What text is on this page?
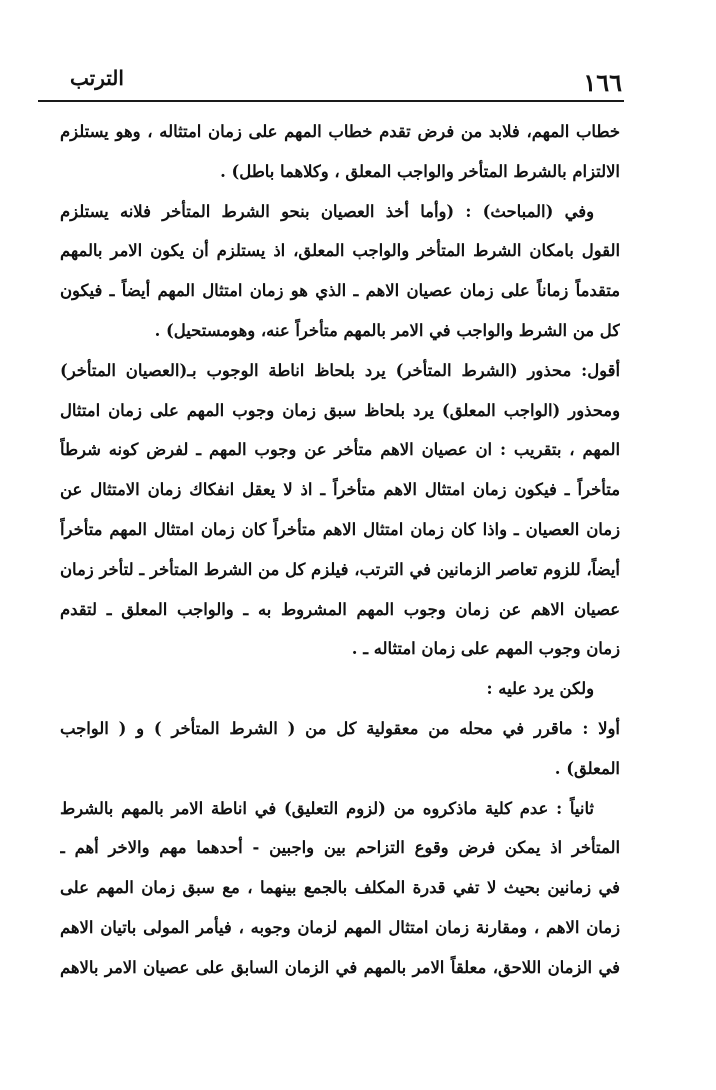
١٦٦
الترتب
خطاب المهم، فلابد من فرض تقدم خطاب المهم على زمان امتثاله ، وهو يستلزم
الالتزام بالشرط المتأخر والواجب المعلق ، وكلاهما باطل) .
وفي (المباحث) : (وأما أخذ العصيان بنحو الشرط المتأخر فلانه يستلزم
القول بامكان الشرط المتأخر والواجب المعلق، اذ يستلزم أن يكون الامر بالمهم
متقدماً زماناً على زمان عصيان الاهم ـ الذي هو زمان امتثال المهم أيضاً ـ فيكون
كل من الشرط والواجب في الامر بالمهم متأخراً عنه، وهومستحيل) .
أقول: محذور (الشرط المتأخر) يرد بلحاظ اناطة الوجوب بـ(العصيان المتأخر)
ومحذور (الواجب المعلق) يرد بلحاظ سبق زمان وجوب المهم على زمان امتثال
المهم ، بتقريب : ان عصيان الاهم متأخر عن وجوب المهم ـ لفرض كونه شرطاً
متأخراً ـ فيكون زمان امتثال الاهم متأخراً ـ اذ لا يعقل انفكاك زمان الامتثال عن
زمان العصيان ـ واذا كان زمان امتثال الاهم متأخراً كان زمان امتثال المهم متأخراً
أيضاً، للزوم تعاصر الزمانين في الترتب، فيلزم كل من الشرط المتأخر ـ لتأخر زمان
عصيان الاهم عن زمان وجوب المهم المشروط به ـ والواجب المعلق ـ لتقدم
زمان وجوب المهم على زمان امتثاله ـ .
ولكن يرد عليه :
أولا : ماقرر في محله من معقولية كل من ( الشرط المتأخر ) و ( الواجب
المعلق) .
ثانياً : عدم كلية ماذكروه من (لزوم التعليق) في اناطة الامر بالمهم بالشرط
المتأخر اذ يمكن فرض وقوع التزاحم بين واجبين - أحدهما مهم والاخر أهم ـ
في زمانين بحيث لا تفي قدرة المكلف بالجمع بينهما ، مع سبق زمان المهم على
زمان الاهم ، ومقارنة زمان امتثال المهم لزمان وجوبه ، فيأمر المولى باتيان الاهم
في الزمان اللاحق، معلقاً الامر بالمهم في الزمان السابق على عصيان الامر بالاهم
